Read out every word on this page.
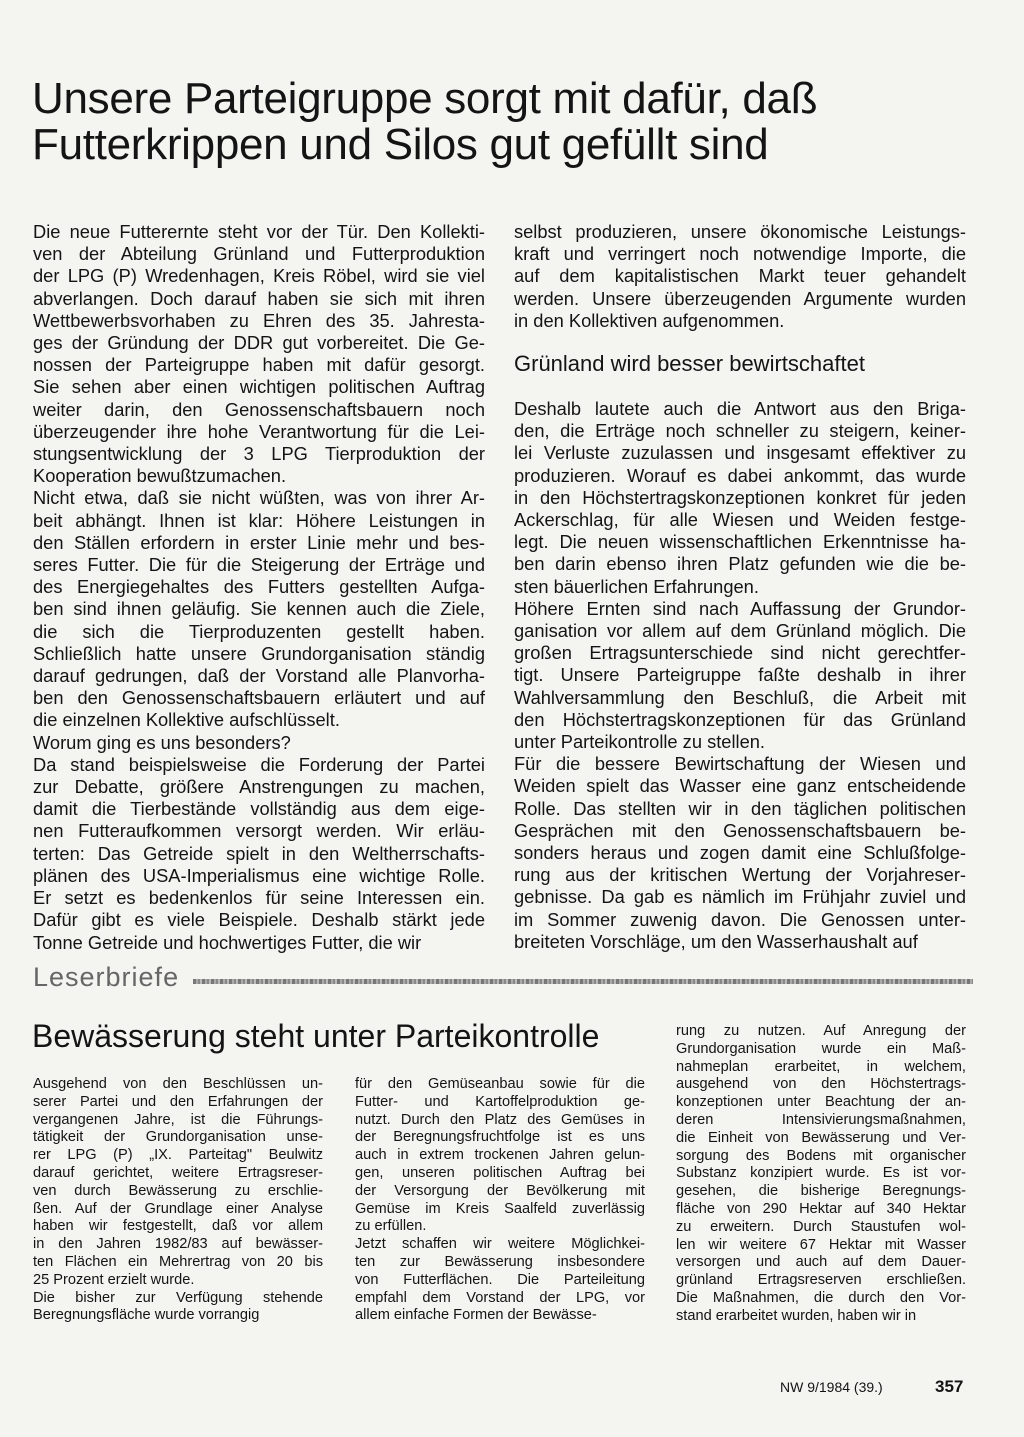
Unsere Parteigruppe sorgt mit dafür, daß
Futterkrippen und Silos gut gefüllt sind
Die neue Futterernte steht vor der Tür. Den Kollekti-
ven der Abteilung Grünland und Futterproduktion
der LPG (P) Wredenhagen, Kreis Röbel, wird sie viel
abverlangen. Doch darauf haben sie sich mit ihren
Wettbewerbsvorhaben zu Ehren des 35. Jahresta-
ges der Gründung der DDR gut vorbereitet. Die Ge-
nossen der Parteigruppe haben mit dafür gesorgt.
Sie sehen aber einen wichtigen politischen Auftrag
weiter darin, den Genossenschaftsbauern noch
überzeugender ihre hohe Verantwortung für die Lei-
stungsentwicklung der 3 LPG Tierproduktion der
Kooperation bewußtzumachen.
Nicht etwa, daß sie nicht wüßten, was von ihrer Ar-
beit abhängt. Ihnen ist klar: Höhere Leistungen in
den Ställen erfordern in erster Linie mehr und bes-
seres Futter. Die für die Steigerung der Erträge und
des Energiegehaltes des Futters gestellten Aufga-
ben sind ihnen geläufig. Sie kennen auch die Ziele,
die sich die Tierproduzenten gestellt haben.
Schließlich hatte unsere Grundorganisation ständig
darauf gedrungen, daß der Vorstand alle Planvorha-
ben den Genossenschaftsbauern erläutert und auf
die einzelnen Kollektive aufschlüsselt.
Worum ging es uns besonders?
Da stand beispielsweise die Forderung der Partei
zur Debatte, größere Anstrengungen zu machen,
damit die Tierbestände vollständig aus dem eige-
nen Futteraufkommen versorgt werden. Wir erläu-
terten: Das Getreide spielt in den Weltherrschafts-
plänen des USA-Imperialismus eine wichtige Rolle.
Er setzt es bedenkenlos für seine Interessen ein.
Dafür gibt es viele Beispiele. Deshalb stärkt jede
Tonne Getreide und hochwertiges Futter, die wir
selbst produzieren, unsere ökonomische Leistungs-
kraft und verringert noch notwendige Importe, die
auf dem kapitalistischen Markt teuer gehandelt
werden. Unsere überzeugenden Argumente wurden
in den Kollektiven aufgenommen.
Grünland wird besser bewirtschaftet
Deshalb lautete auch die Antwort aus den Briga-
den, die Erträge noch schneller zu steigern, keiner-
lei Verluste zuzulassen und insgesamt effektiver zu
produzieren. Worauf es dabei ankommt, das wurde
in den Höchstertragskonzeptionen konkret für jeden
Ackerschlag, für alle Wiesen und Weiden festge-
legt. Die neuen wissenschaftlichen Erkenntnisse ha-
ben darin ebenso ihren Platz gefunden wie die be-
sten bäuerlichen Erfahrungen.
Höhere Ernten sind nach Auffassung der Grundor-
ganisation vor allem auf dem Grünland möglich. Die
großen Ertragsunterschiede sind nicht gerechtfer-
tigt. Unsere Parteigruppe faßte deshalb in ihrer
Wahlversammlung den Beschluß, die Arbeit mit
den Höchstertragskonzeptionen für das Grünland
unter Parteikontrolle zu stellen.
Für die bessere Bewirtschaftung der Wiesen und
Weiden spielt das Wasser eine ganz entscheidende
Rolle. Das stellten wir in den täglichen politischen
Gesprächen mit den Genossenschaftsbauern be-
sonders heraus und zogen damit eine Schlußfolge-
rung aus der kritischen Wertung der Vorjahreser-
gebnisse. Da gab es nämlich im Frühjahr zuviel und
im Sommer zuwenig davon. Die Genossen unter-
breiteten Vorschläge, um den Wasserhaushalt auf
Leserbriefe
Bewässerung steht unter Parteikontrolle
Ausgehend von den Beschlüssen un-
serer Partei und den Erfahrungen der
vergangenen Jahre, ist die Führungs-
tätigkeit der Grundorganisation unse-
rer LPG (P) „IX. Parteitag" Beulwitz
darauf gerichtet, weitere Ertragsreser-
ven durch Bewässerung zu erschlie-
ßen. Auf der Grundlage einer Analyse
haben wir festgestellt, daß vor allem
in den Jahren 1982/83 auf bewässer-
ten Flächen ein Mehrertrag von 20 bis
25 Prozent erzielt wurde.
Die bisher zur Verfügung stehende
Beregnungsfläche wurde vorrangig
für den Gemüseanbau sowie für die
Futter- und Kartoffelproduktion ge-
nutzt. Durch den Platz des Gemüses in
der Beregnungsfruchtfolge ist es uns
auch in extrem trockenen Jahren gelun-
gen, unseren politischen Auftrag bei
der Versorgung der Bevölkerung mit
Gemüse im Kreis Saalfeld zuverlässig
zu erfüllen.
Jetzt schaffen wir weitere Möglichkei-
ten zur Bewässerung insbesondere
von Futterflächen. Die Parteileitung
empfahl dem Vorstand der LPG, vor
allem einfache Formen der Bewässe-
rung zu nutzen. Auf Anregung der
Grundorganisation wurde ein Maß-
nahmeplan erarbeitet, in welchem,
ausgehend von den Höchstertrags-
konzeptionen unter Beachtung der an-
deren Intensivierungsmaßnahmen,
die Einheit von Bewässerung und Ver-
sorgung des Bodens mit organischer
Substanz konzipiert wurde. Es ist vor-
gesehen, die bisherige Beregnungs-
fläche von 290 Hektar auf 340 Hektar
zu erweitern. Durch Staustufen wol-
len wir weitere 67 Hektar mit Wasser
versorgen und auch auf dem Dauer-
grünland Ertragsreserven erschließen.
Die Maßnahmen, die durch den Vor-
stand erarbeitet wurden, haben wir in
NW 9/1984 (39.)	357
